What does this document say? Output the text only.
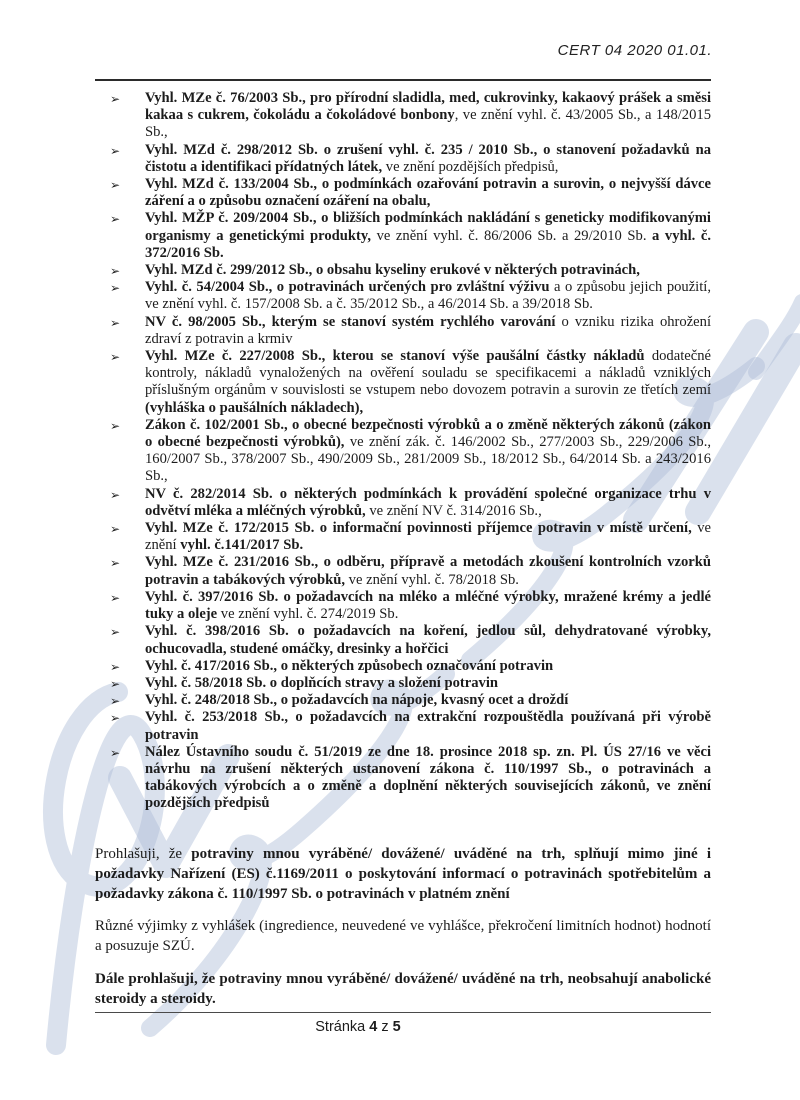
CERT 04 2020 01.01.
➢ Vyhl. MZe č. 76/2003 Sb., pro přírodní sladidla, med, cukrovinky, kakaový prášek a směsi kakaa s cukrem, čokoládu a čokoládové bonbony, ve znění vyhl. č. 43/2005 Sb., a 148/2015 Sb.,
➢ Vyhl. MZd č. 298/2012 Sb. o zrušení vyhl. č. 235 / 2010 Sb., o stanovení požadavků na čistotu a identifikaci přídatných látek, ve znění pozdějších předpisů,
➢ Vyhl. MZd č. 133/2004 Sb., o podmínkách ozařování potravin a surovin, o nejvyšší dávce záření a o způsobu označení ozáření na obalu,
➢ Vyhl. MŽP č. 209/2004 Sb., o bližších podmínkách nakládání s geneticky modifikovanými organismy a genetickými produkty, ve znění vyhl. č. 86/2006 Sb. a 29/2010 Sb. a vyhl. č. 372/2016 Sb.
➢ Vyhl. MZd č. 299/2012 Sb., o obsahu kyseliny erukové v některých potravinách,
➢ Vyhl. č. 54/2004 Sb., o potravinách určených pro zvláštní výživu a o způsobu jejich použití, ve znění vyhl. č. 157/2008 Sb. a č. 35/2012 Sb., a 46/2014 Sb. a 39/2018 Sb.
➢ NV č. 98/2005 Sb., kterým se stanoví systém rychlého varování o vzniku rizika ohrožení zdraví z potravin a krmiv
➢ Vyhl. MZe č. 227/2008 Sb., kterou se stanoví výše paušální částky nákladů dodatečné kontroly, nákladů vynaložených na ověření souladu se specifikacemi a nákladů vzniklých příslušným orgánům v souvislosti se vstupem nebo dovozem potravin a surovin ze třetích zemí (vyhláška o paušálních nákladech),
➢ Zákon č. 102/2001 Sb., o obecné bezpečnosti výrobků a o změně některých zákonů (zákon o obecné bezpečnosti výrobků), ve znění zák. č. 146/2002 Sb., 277/2003 Sb., 229/2006 Sb., 160/2007 Sb., 378/2007 Sb., 490/2009 Sb., 281/2009 Sb., 18/2012 Sb., 64/2014 Sb. a 243/2016 Sb.,
➢ NV č. 282/2014 Sb. o některých podmínkách k provádění společné organizace trhu v odvětví mléka a mléčných výrobků, ve znění NV č. 314/2016 Sb.,
➢ Vyhl. MZe č. 172/2015 Sb. o informační povinnosti příjemce potravin v místě určení, ve znění vyhl. č.141/2017 Sb.
➢ Vyhl. MZe č. 231/2016 Sb., o odběru, přípravě a metodách zkoušení kontrolních vzorků potravin a tabákových výrobků, ve znění vyhl. č. 78/2018 Sb.
➢ Vyhl. č. 397/2016 Sb. o požadavcích na mléko a mléčné výrobky, mražené krémy a jedlé tuky a oleje ve znění vyhl. č. 274/2019 Sb.
➢ Vyhl. č. 398/2016 Sb. o požadavcích na koření, jedlou sůl, dehydratované výrobky, ochucovadla, studené omáčky, dresinky a hořčici
➢ Vyhl. č. 417/2016 Sb., o některých způsobech označování potravin
➢ Vyhl. č. 58/2018 Sb. o doplňcích stravy a složení potravin
➢ Vyhl. č. 248/2018 Sb., o požadavcích na nápoje, kvasný ocet a droždí
➢ Vyhl. č. 253/2018 Sb., o požadavcích na extrakční rozpouštědla používaná při výrobě potravin
➢ Nález Ústavního soudu č. 51/2019 ze dne 18. prosince 2018 sp. zn. Pl. ÚS 27/16 ve věci návrhu na zrušení některých ustanovení zákona č. 110/1997 Sb., o potravinách a tabákových výrobcích a o změně a doplnění některých souvisejících zákonů, ve znění pozdějších předpisů
Prohlašuji, že potraviny mnou vyráběné/ dovážené/ uváděné na trh, splňují mimo jiné i požadavky Nařízení (ES) č.1169/2011 o poskytování informací o potravinách spotřebitelům a požadavky zákona č. 110/1997 Sb. o potravinách v platném znění
Různé výjimky z vyhlášek (ingredience, neuvedené ve vyhlášce, překročení limitních hodnot) hodnotí a posuzuje SZÚ.
Dále prohlašuji, že potraviny mnou vyráběné/ dovážené/ uváděné na trh, neobsahují anabolické steroidy a steroidy.
Stránka 4 z 5
